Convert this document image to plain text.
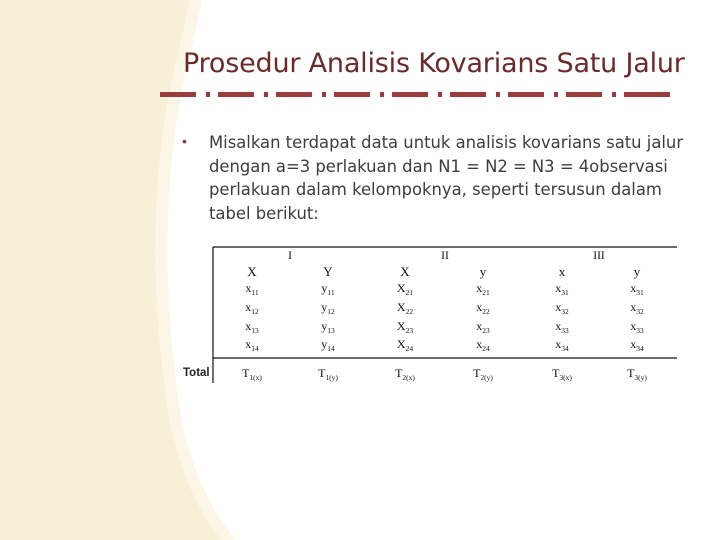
Prosedur Analisis Kovarians Satu Jalur
• Misalkan terdapat data untuk analisis kovarians satu jalur
dengan a=3 perlakuan dan N1 = N2 = N3 = 4observasi
perlakuan dalam kelompoknya, seperti tersusun dalam
tabel berikut:
I	II	III
X	Y	X	y	x	y
$x_{11}$	$y_{11}$	$X_{21}$	$x_{21}$	$x_{31}$	$x_{31}$
$x_{12}$	$y_{12}$	$X_{22}$	$x_{22}$	$x_{32}$	$x_{32}$
$x_{13}$	$y_{13}$	$X_{23}$	$x_{23}$	$x_{33}$	$x_{33}$
$x_{14}$	$y_{14}$	$X_{24}$	$x_{24}$	$x_{34}$	$x_{34}$
Total	$T_{1(x)}$	$T_{1(y)}$	$T_{2(x)}$	$T_{2(y)}$	$T_{3(x)}$	$T_{3(y)}$
